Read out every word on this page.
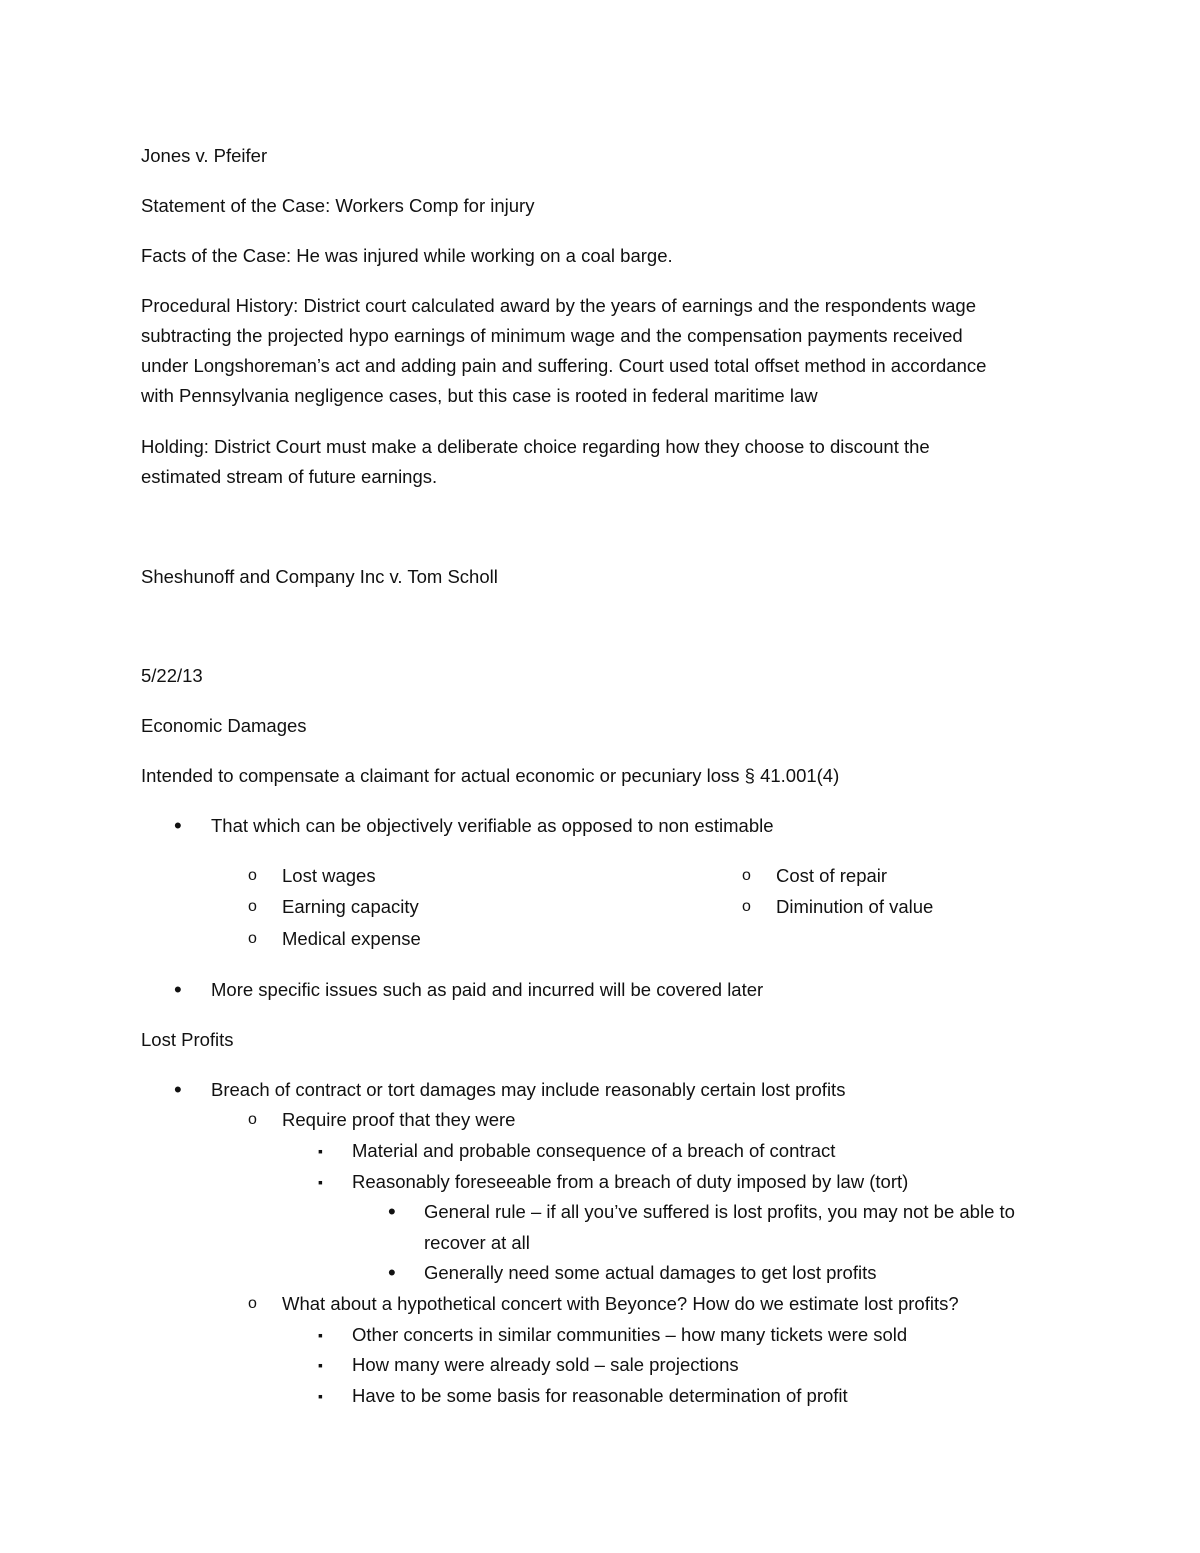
Jones v. Pfeifer
Statement of the Case: Workers Comp for injury
Facts of the Case: He was injured while working on a coal barge.
Procedural History: District court calculated award by the years of earnings and the respondents wage
subtracting the projected hypo earnings of minimum wage and the compensation payments received
under Longshoreman’s act and adding pain and suffering. Court used total offset method in accordance
with Pennsylvania negligence cases, but this case is rooted in federal maritime law
Holding: District Court must make a deliberate choice regarding how they choose to discount the
estimated stream of future earnings.
Sheshunoff and Company Inc v. Tom Scholl
5/22/13
Economic Damages
Intended to compensate a claimant for actual economic or pecuniary loss § 41.001(4)
•
That which can be objectively verifiable as opposed to non estimable
o
Lost wages
o
Earning capacity
o
Medical expense
o
Cost of repair
o
Diminution of value
•
More specific issues such as paid and incurred will be covered later
Lost Profits
•
Breach of contract or tort damages may include reasonably certain lost profits
o
Require proof that they were
▪
Material and probable consequence of a breach of contract
▪
Reasonably foreseeable from a breach of duty imposed by law (tort)
•
General rule – if all you’ve suffered is lost profits, you may not be able to
recover at all
•
Generally need some actual damages to get lost profits
o
What about a hypothetical concert with Beyonce? How do we estimate lost profits?
▪
Other concerts in similar communities – how many tickets were sold
▪
How many were already sold – sale projections
▪
Have to be some basis for reasonable determination of profit
